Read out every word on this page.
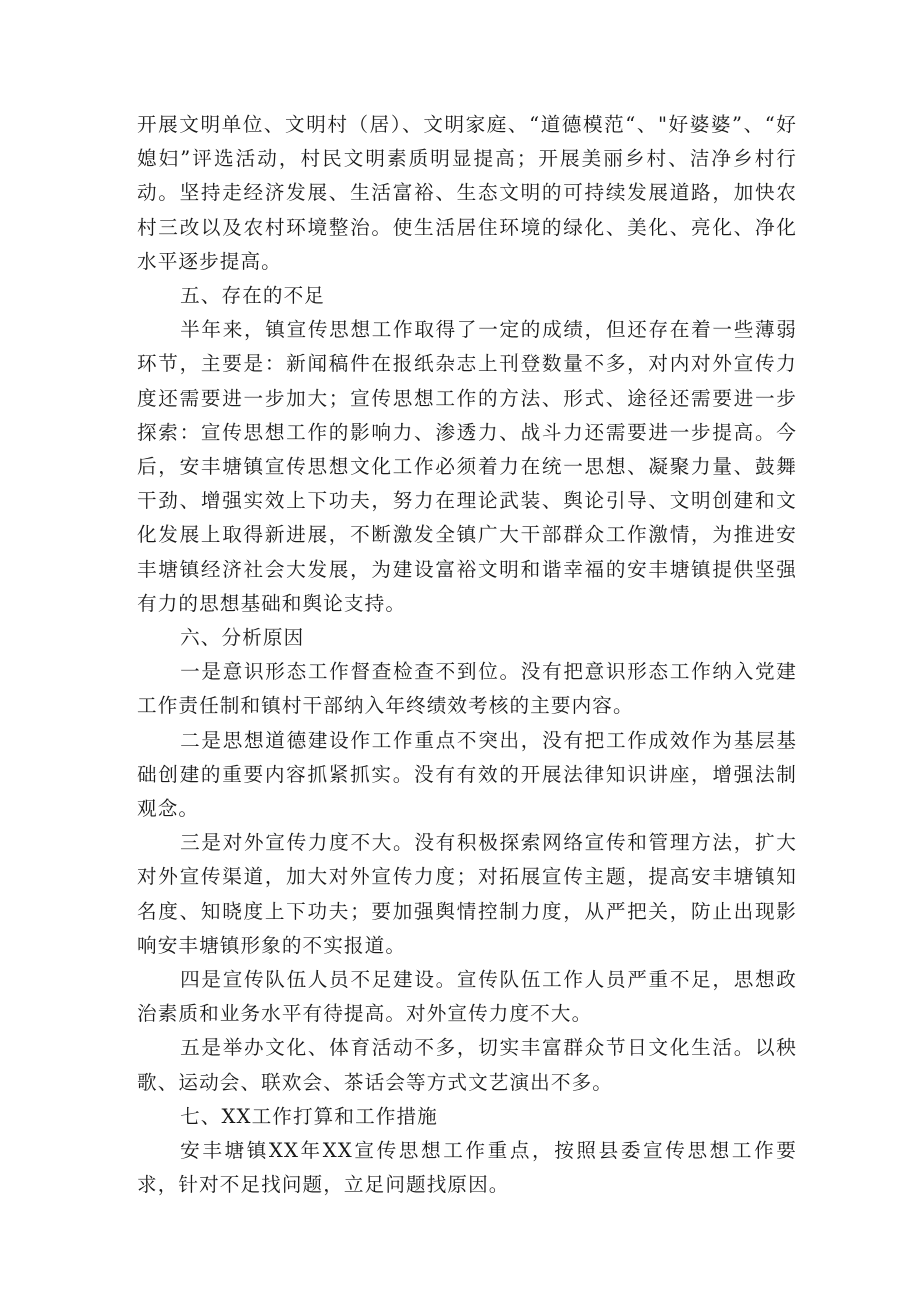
开展文明单位、文明村（居）、文明家庭、“道德模范“、"好婆婆”、“好媳妇”评选活动，村民文明素质明显提高；开展美丽乡村、洁净乡村行动。坚持走经济发展、生活富裕、生态文明的可持续发展道路，加快农村三改以及农村环境整治。使生活居住环境的绿化、美化、亮化、净化水平逐步提高。

五、存在的不足

半年来，镇宣传思想工作取得了一定的成绩，但还存在着一些薄弱环节，主要是：新闻稿件在报纸杂志上刊登数量不多，对内对外宣传力度还需要进一步加大；宣传思想工作的方法、形式、途径还需要进一步探索：宣传思想工作的影响力、渗透力、战斗力还需要进一步提高。今后，安丰塘镇宣传思想文化工作必须着力在统一思想、凝聚力量、鼓舞干劲、增强实效上下功夫，努力在理论武装、舆论引导、文明创建和文化发展上取得新进展，不断激发全镇广大干部群众工作激情，为推进安丰塘镇经济社会大发展，为建设富裕文明和谐幸福的安丰塘镇提供坚强有力的思想基础和舆论支持。

六、分析原因

一是意识形态工作督查检查不到位。没有把意识形态工作纳入党建工作责任制和镇村干部纳入年终绩效考核的主要内容。

二是思想道德建设作工作重点不突出，没有把工作成效作为基层基础创建的重要内容抓紧抓实。没有有效的开展法律知识讲座，增强法制观念。

三是对外宣传力度不大。没有积极探索网络宣传和管理方法，扩大对外宣传渠道，加大对外宣传力度；对拓展宣传主题，提高安丰塘镇知名度、知晓度上下功夫；要加强舆情控制力度，从严把关，防止出现影响安丰塘镇形象的不实报道。

四是宣传队伍人员不足建设。宣传队伍工作人员严重不足，思想政治素质和业务水平有待提高。对外宣传力度不大。

五是举办文化、体育活动不多，切实丰富群众节日文化生活。以秧歌、运动会、联欢会、茶话会等方式文艺演出不多。

七、XX工作打算和工作措施

安丰塘镇XX年XX宣传思想工作重点，按照县委宣传思想工作要求，针对不足找问题，立足问题找原因。
